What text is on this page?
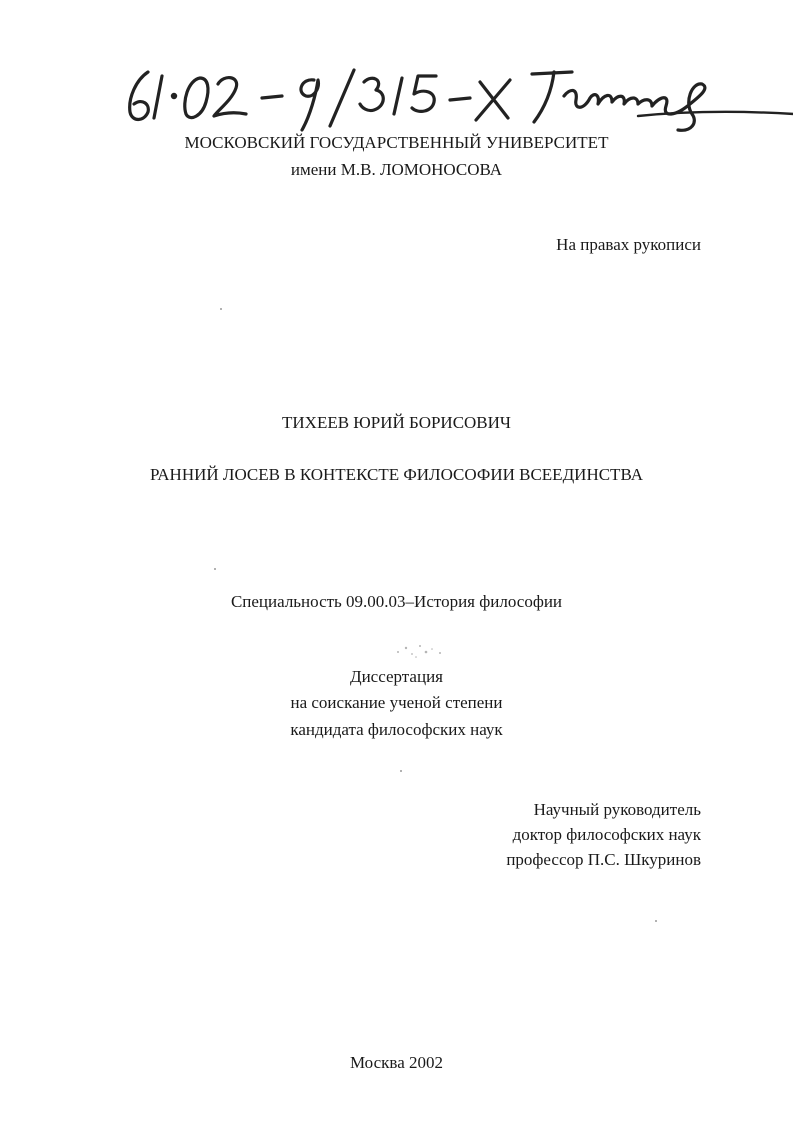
МОСКОВСКИЙ ГОСУДАРСТВЕННЫЙ УНИВЕРСИТЕТ
имени М.В. ЛОМОНОСОВА
На правах рукописи
ТИХЕЕВ ЮРИЙ БОРИСОВИЧ
РАННИЙ ЛОСЕВ В КОНТЕКСТЕ ФИЛОСОФИИ ВСЕЕДИНСТВА
Специальность 09.00.03–История философии
Диссертация
на соискание ученой степени
кандидата философских наук
Научный руководитель
доктор философских наук
профессор П.С. Шкуринов
Москва 2002
